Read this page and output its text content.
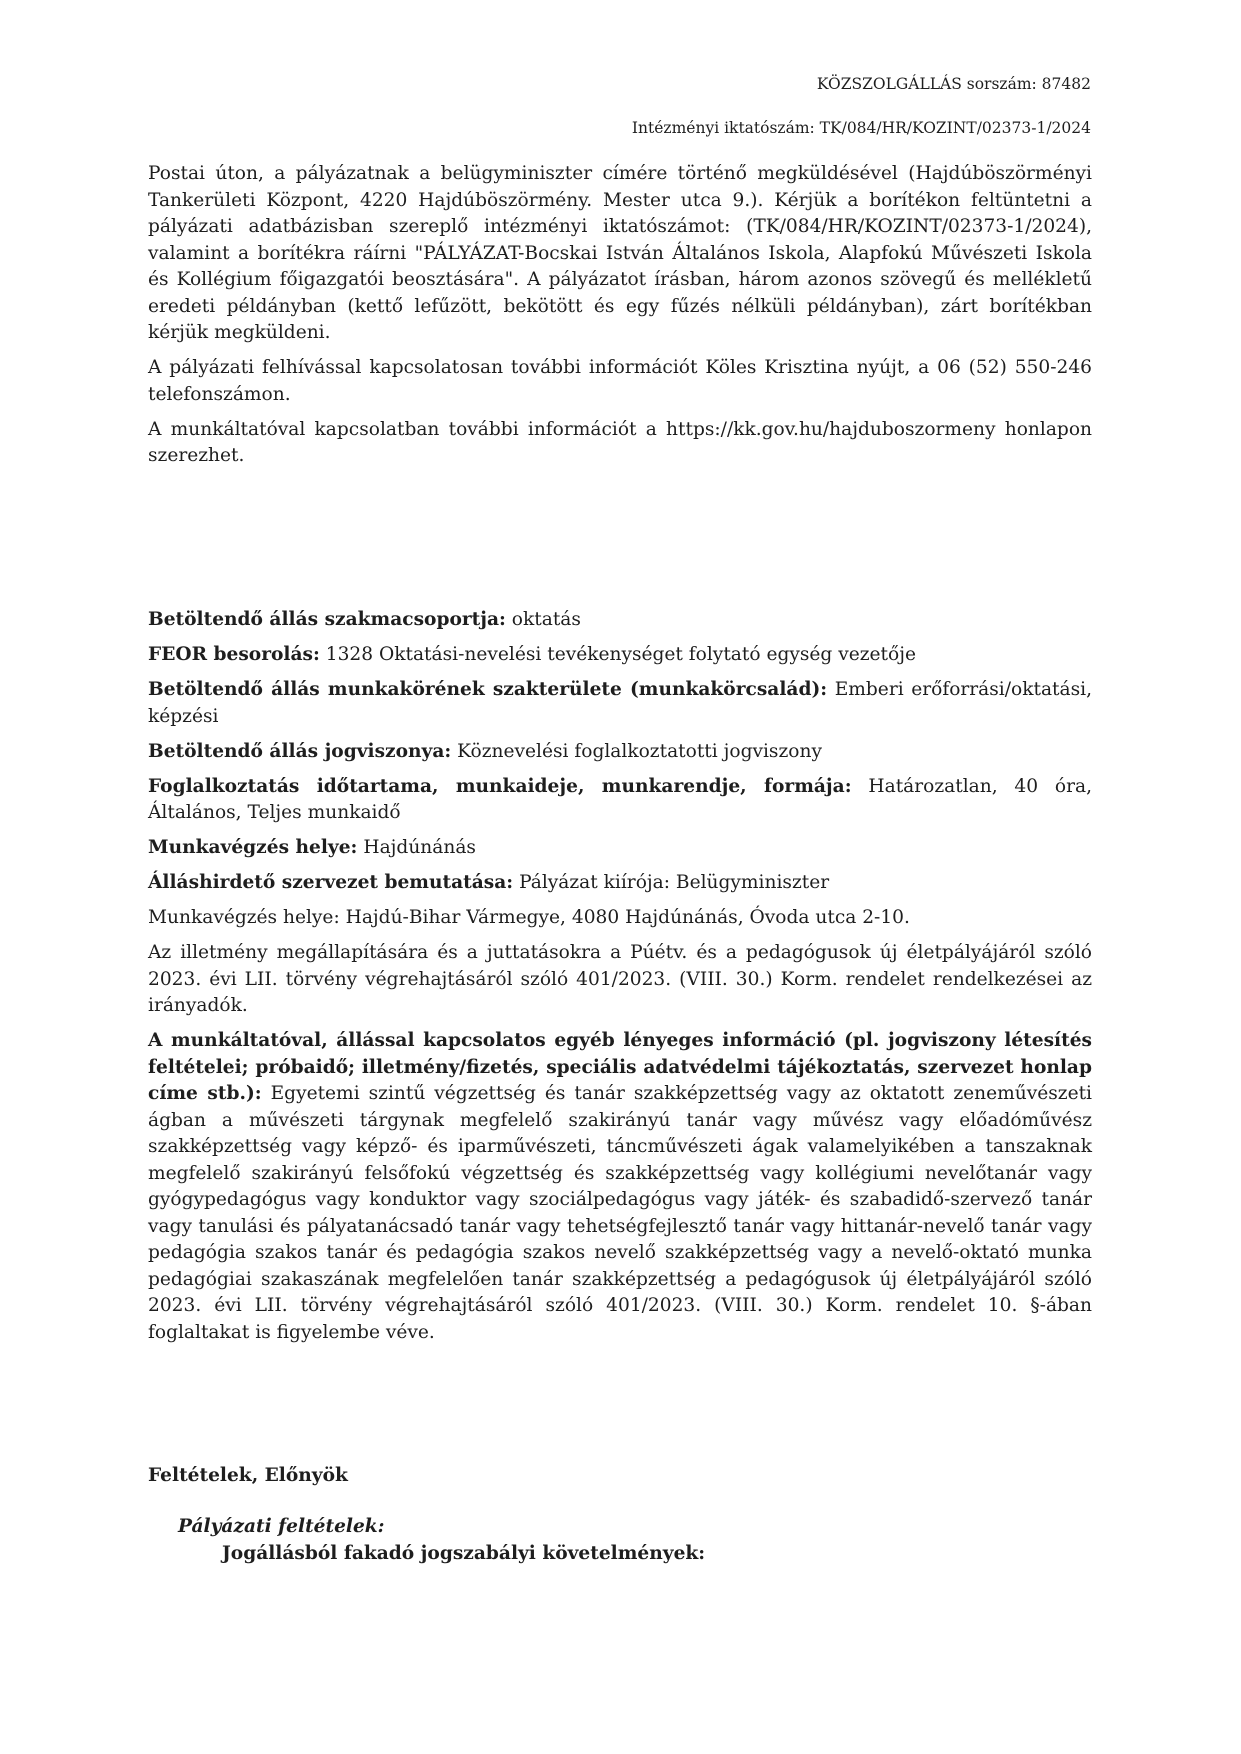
KÖZSZOLGÁLLÁS sorszám: 87482
Intézményi iktatószám: TK/084/HR/KOZINT/02373-1/2024

Postai úton, a pályázatnak a belügyminiszter címére történő megküldésével (Hajdúböszörményi Tankerületi Központ, 4220 Hajdúböszörmény. Mester utca 9.). Kérjük a borítékon feltüntetni a pályázati adatbázisban szereplő intézményi iktatószámot: (TK/084/HR/KOZINT/02373-1/2024), valamint a borítékra ráírni "PÁLYÁZAT-Bocskai István Általános Iskola, Alapfokú Művészeti Iskola és Kollégium főigazgatói beosztására". A pályázatot írásban, három azonos szövegű és mellékletű eredeti példányban (kettő lefűzött, bekötött és egy fűzés nélküli példányban), zárt borítékban kérjük megküldeni.

A pályázati felhívással kapcsolatosan további információt Köles Krisztina nyújt, a 06 (52) 550-246 telefonszámon.

A munkáltatóval kapcsolatban további információt a https://kk.gov.hu/hajduboszormeny honlapon szerezhet.

Betöltendő állás szakmacsoportja: oktatás

FEOR besorolás: 1328 Oktatási-nevelési tevékenységet folytató egység vezetője

Betöltendő állás munkakörének szakterülete (munkakörcsalád): Emberi erőforrási/oktatási, képzési

Betöltendő állás jogviszonya: Köznevelési foglalkoztatotti jogviszony

Foglalkoztatás időtartama, munkaideje, munkarendje, formája: Határozatlan, 40 óra, Általános, Teljes munkaidő

Munkavégzés helye: Hajdúnánás

Álláshirdető szervezet bemutatása: Pályázat kiírója: Belügyminiszter

Munkavégzés helye: Hajdú-Bihar Vármegye, 4080 Hajdúnánás, Óvoda utca 2-10.

Az illetmény megállapítására és a juttatásokra a Púétv. és a pedagógusok új életpályájáról szóló 2023. évi LII. törvény végrehajtásáról szóló 401/2023. (VIII. 30.) Korm. rendelet rendelkezései az irányadók.

A munkáltatóval, állással kapcsolatos egyéb lényeges információ (pl. jogviszony létesítés feltételei; próbaidő; illetmény/fizetés, speciális adatvédelmi tájékoztatás, szervezet honlap címe stb.): Egyetemi szintű végzettség és tanár szakképzettség vagy az oktatott zeneművészeti ágban a művészeti tárgynak megfelelő szakirányú tanár vagy művész vagy előadóművész szakképzettség vagy képző- és iparművészeti, táncművészeti ágak valamelyikében a tanszaknak megfelelő szakirányú felsőfokú végzettség és szakképzettség vagy kollégiumi nevelőtanár vagy gyógypedagógus vagy konduktor vagy szociálpedagógus vagy játék- és szabadidő-szervező tanár vagy tanulási és pályatanácsadó tanár vagy tehetségfejlesztő tanár vagy hittanár-nevelő tanár vagy pedagógia szakos tanár és pedagógia szakos nevelő szakképzettség vagy a nevelő-oktató munka pedagógiai szakaszának megfelelően tanár szakképzettség a pedagógusok új életpályájáról szóló 2023. évi LII. törvény végrehajtásáról szóló 401/2023. (VIII. 30.) Korm. rendelet 10. §-ában foglaltakat is figyelembe véve.

Feltételek, Előnyök
Pályázati feltételek:
Jogállásból fakadó jogszabályi követelmények:
